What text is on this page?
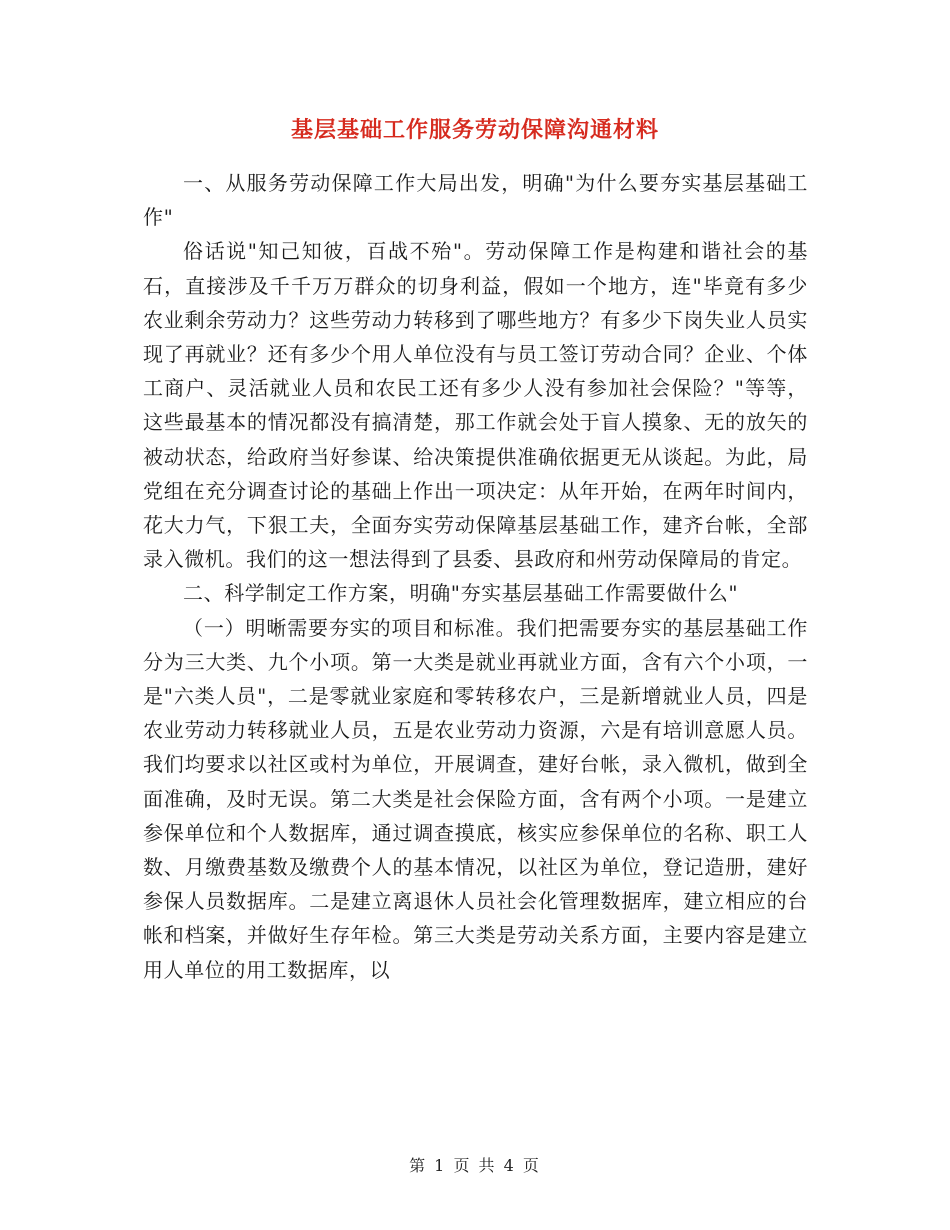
基层基础工作服务劳动保障沟通材料

一、从服务劳动保障工作大局出发，明确"为什么要夯实基层基础工作"

俗话说"知己知彼，百战不殆"。劳动保障工作是构建和谐社会的基石，直接涉及千千万万群众的切身利益，假如一个地方，连"毕竟有多少农业剩余劳动力？这些劳动力转移到了哪些地方？有多少下岗失业人员实现了再就业？还有多少个用人单位没有与员工签订劳动合同？企业、个体工商户、灵活就业人员和农民工还有多少人没有参加社会保险？"等等，这些最基本的情况都没有搞清楚，那工作就会处于盲人摸象、无的放矢的被动状态，给政府当好参谋、给决策提供准确依据更无从谈起。为此，局党组在充分调查讨论的基础上作出一项决定：从年开始，在两年时间内，花大力气，下狠工夫，全面夯实劳动保障基层基础工作，建齐台帐，全部录入微机。我们的这一想法得到了县委、县政府和州劳动保障局的肯定。

二、科学制定工作方案，明确"夯实基层基础工作需要做什么"

（一）明晰需要夯实的项目和标准。我们把需要夯实的基层基础工作分为三大类、九个小项。第一大类是就业再就业方面，含有六个小项，一是"六类人员"，二是零就业家庭和零转移农户，三是新增就业人员，四是农业劳动力转移就业人员，五是农业劳动力资源，六是有培训意愿人员。我们均要求以社区或村为单位，开展调查，建好台帐，录入微机，做到全面准确，及时无误。第二大类是社会保险方面，含有两个小项。一是建立参保单位和个人数据库，通过调查摸底，核实应参保单位的名称、职工人数、月缴费基数及缴费个人的基本情况，以社区为单位，登记造册，建好参保人员数据库。二是建立离退休人员社会化管理数据库，建立相应的台帐和档案，并做好生存年检。第三大类是劳动关系方面，主要内容是建立用人单位的用工数据库，以

第 1 页 共 4 页
